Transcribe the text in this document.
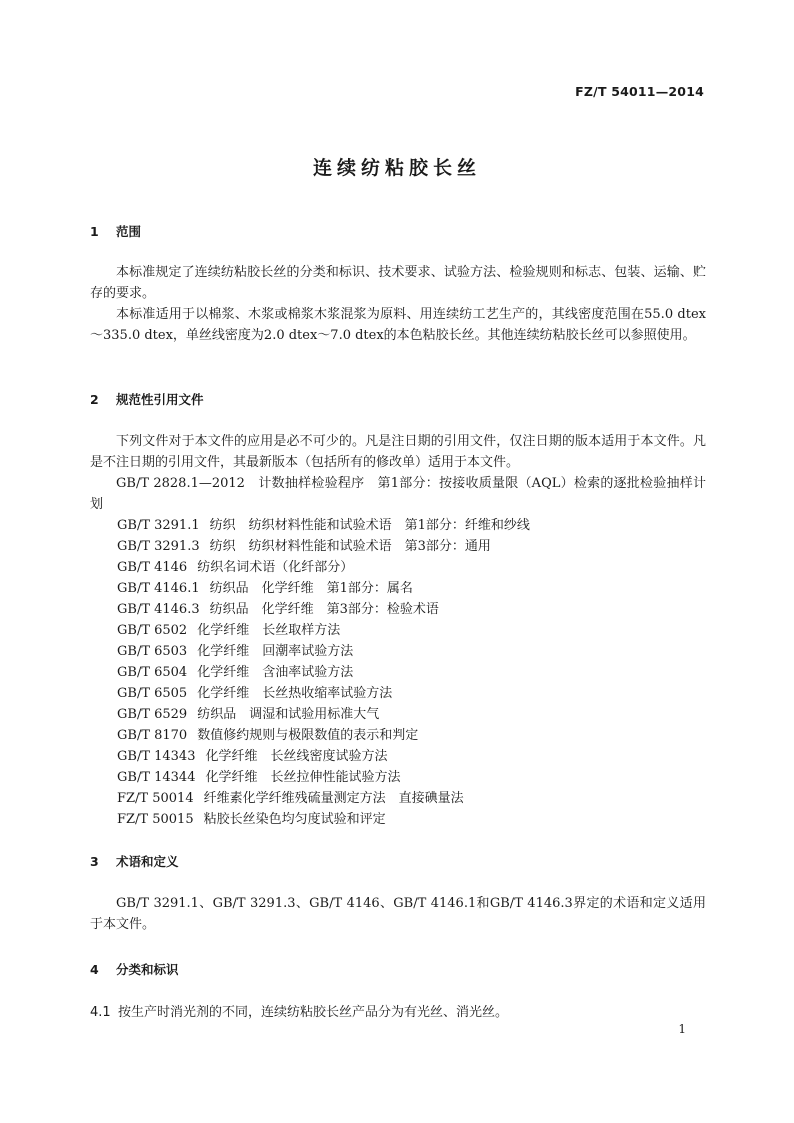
FZ/T 54011—2014
连续纺粘胶长丝
1 范围

本标准规定了连续纺粘胶长丝的分类和标识、技术要求、试验方法、检验规则和标志、包装、运输、贮存的要求。

本标准适用于以棉浆、木浆或棉浆木浆混浆为原料、用连续纺工艺生产的，其线密度范围在55.0 dtex～335.0 dtex，单丝线密度为2.0 dtex～7.0 dtex的本色粘胶长丝。其他连续纺粘胶长丝可以参照使用。

2 规范性引用文件

下列文件对于本文件的应用是必不可少的。凡是注日期的引用文件，仅注日期的版本适用于本文件。凡是不注日期的引用文件，其最新版本（包括所有的修改单）适用于本文件。

GB/T 2828.1—2012　计数抽样检验程序　第1部分：按接收质量限（AQL）检索的逐批检验抽样计划

GB/T 3291.1 纺织　纺织材料性能和试验术语　第1部分：纤维和纱线
GB/T 3291.3 纺织　纺织材料性能和试验术语　第3部分：通用
GB/T 4146 纺织名词术语（化纤部分）
GB/T 4146.1 纺织品　化学纤维　第1部分：属名
GB/T 4146.3 纺织品　化学纤维　第3部分：检验术语
GB/T 6502 化学纤维　长丝取样方法
GB/T 6503 化学纤维　回潮率试验方法
GB/T 6504 化学纤维　含油率试验方法
GB/T 6505 化学纤维　长丝热收缩率试验方法
GB/T 6529 纺织品　调湿和试验用标准大气
GB/T 8170 数值修约规则与极限数值的表示和判定
GB/T 14343 化学纤维　长丝线密度试验方法
GB/T 14344 化学纤维　长丝拉伸性能试验方法
FZ/T 50014 纤维素化学纤维残硫量测定方法　直接碘量法
FZ/T 50015 粘胶长丝染色均匀度试验和评定
3 术语和定义

GB/T 3291.1、GB/T 3291.3、GB/T 4146、GB/T 4146.1和GB/T 4146.3界定的术语和定义适用于本文件。

4 分类和标识
4.1 按生产时消光剂的不同，连续纺粘胶长丝产品分为有光丝、消光丝。
1
